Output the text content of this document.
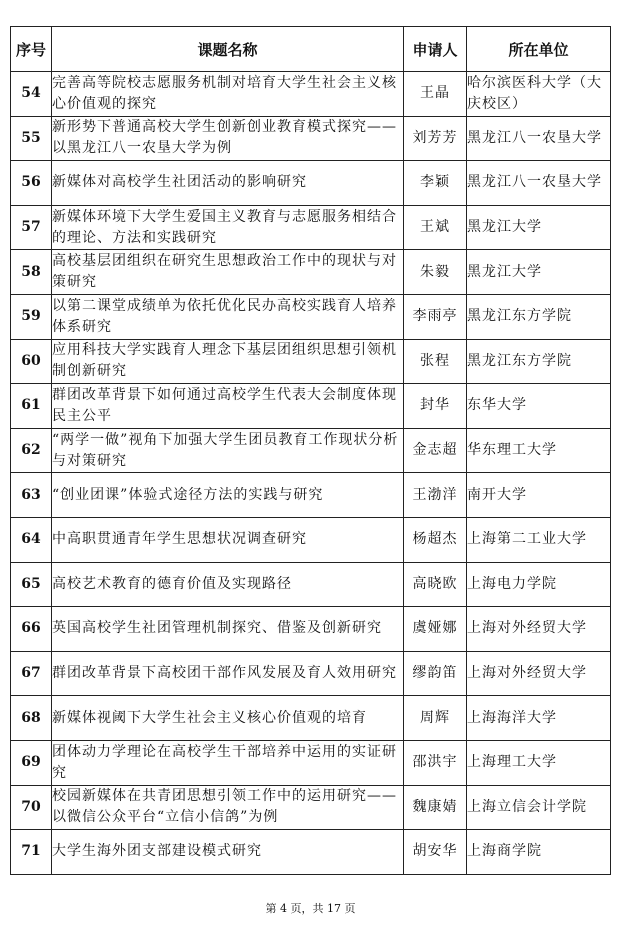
序号	课题名称	申请人	所在单位
54	完善高等院校志愿服务机制对培育大学生社会主义核心价值观的探究	王晶	哈尔滨医科大学（大庆校区）
55	新形势下普通高校大学生创新创业教育模式探究——以黑龙江八一农垦大学为例	刘芳芳	黑龙江八一农垦大学
56	新媒体对高校学生社团活动的影响研究	李颖	黑龙江八一农垦大学
57	新媒体环境下大学生爱国主义教育与志愿服务相结合的理论、方法和实践研究	王斌	黑龙江大学
58	高校基层团组织在研究生思想政治工作中的现状与对策研究	朱毅	黑龙江大学
59	以第二课堂成绩单为依托优化民办高校实践育人培养体系研究	李雨亭	黑龙江东方学院
60	应用科技大学实践育人理念下基层团组织思想引领机制创新研究	张程	黑龙江东方学院
61	群团改革背景下如何通过高校学生代表大会制度体现民主公平	封华	东华大学
62	“两学一做”视角下加强大学生团员教育工作现状分析与对策研究	金志超	华东理工大学
63	“创业团课”体验式途径方法的实践与研究	王渤洋	南开大学
64	中高职贯通青年学生思想状况调查研究	杨超杰	上海第二工业大学
65	高校艺术教育的德育价值及实现路径	高晓欧	上海电力学院
66	英国高校学生社团管理机制探究、借鉴及创新研究	虞娅娜	上海对外经贸大学
67	群团改革背景下高校团干部作风发展及育人效用研究	缪韵笛	上海对外经贸大学
68	新媒体视阈下大学生社会主义核心价值观的培育	周辉	上海海洋大学
69	团体动力学理论在高校学生干部培养中运用的实证研究	邵洪宇	上海理工大学
70	校园新媒体在共青团思想引领工作中的运用研究——以微信公众平台“立信小信鸽”为例	魏康婧	上海立信会计学院
71	大学生海外团支部建设模式研究	胡安华	上海商学院
第 4 页，共 17 页
